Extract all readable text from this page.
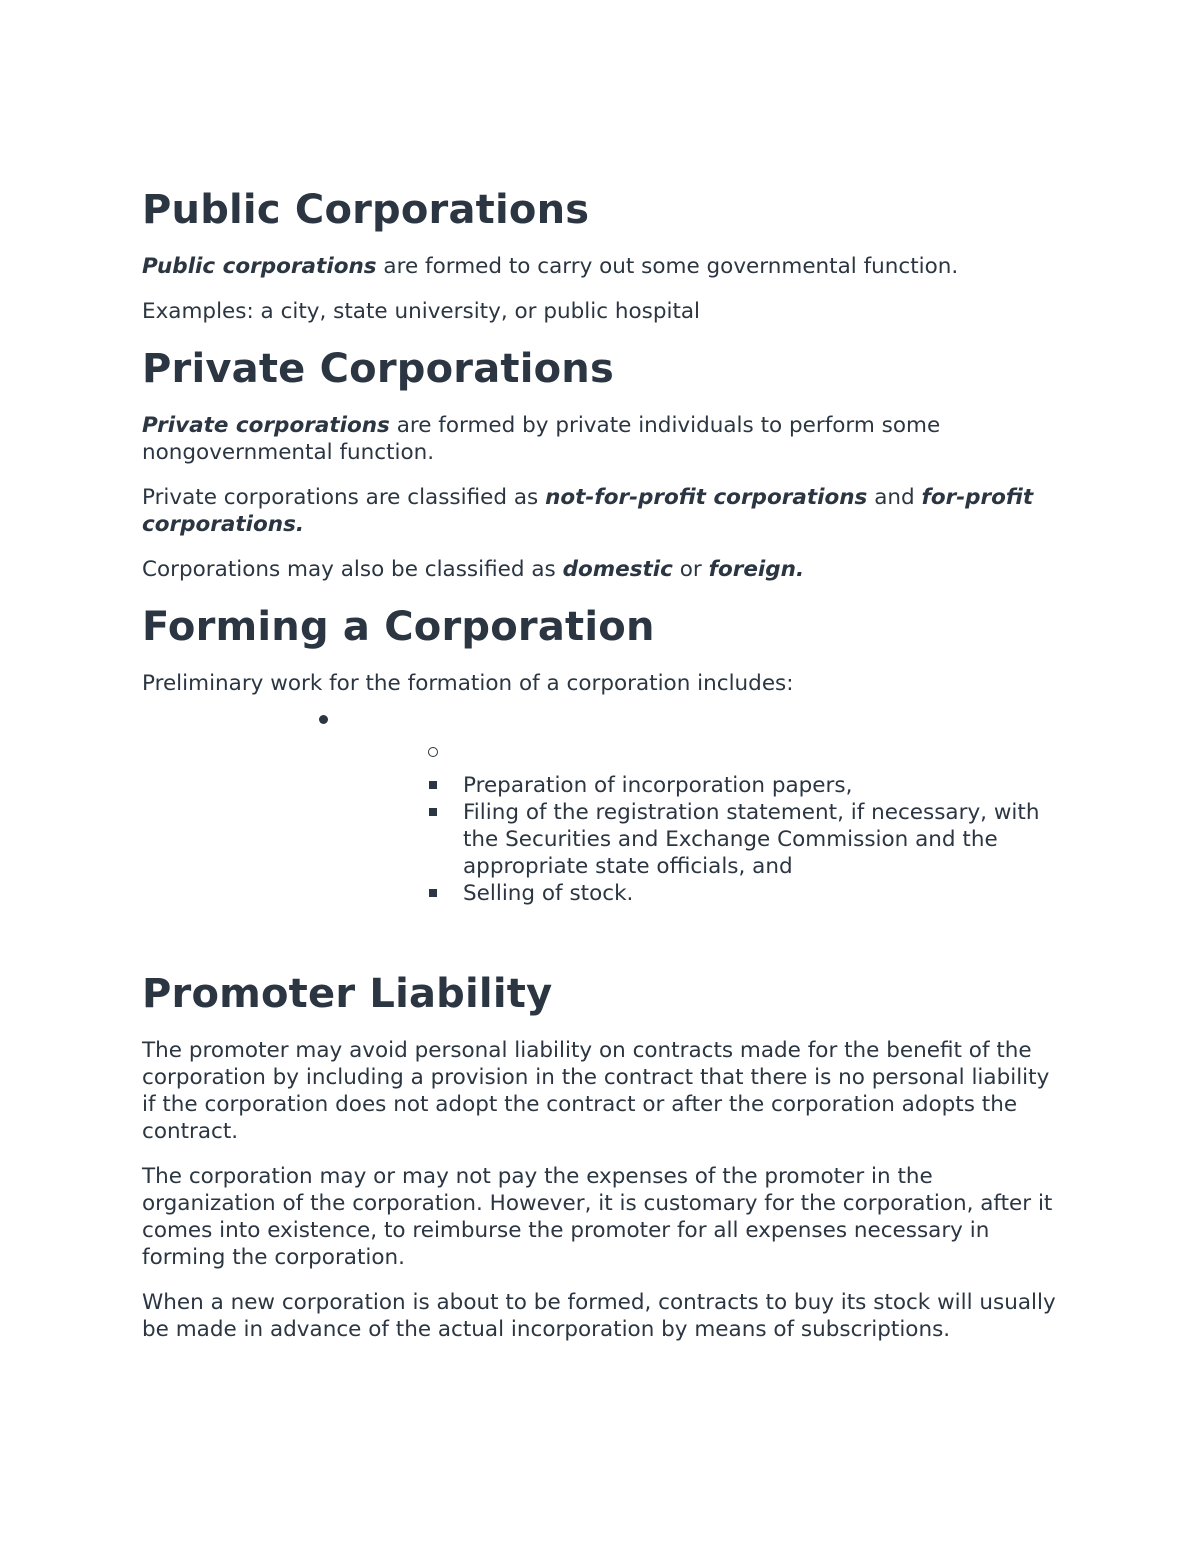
Public Corporations

Public corporations are formed to carry out some governmental function.

Examples: a city, state university, or public hospital

Private Corporations

Private corporations are formed by private individuals to perform some nongovernmental function.

Private corporations are classified as not-for-profit corporations and for-profit corporations.

Corporations may also be classified as domestic or foreign.

Forming a Corporation

Preliminary work for the formation of a corporation includes:

Preparation of incorporation papers,
Filing of the registration statement, if necessary, with the Securities and Exchange Commission and the appropriate state officials, and
Selling of stock.
Promoter Liability

The promoter may avoid personal liability on contracts made for the benefit of the corporation by including a provision in the contract that there is no personal liability if the corporation does not adopt the contract or after the corporation adopts the contract.

The corporation may or may not pay the expenses of the promoter in the organization of the corporation. However, it is customary for the corporation, after it comes into existence, to reimburse the promoter for all expenses necessary in forming the corporation.

When a new corporation is about to be formed, contracts to buy its stock will usually be made in advance of the actual incorporation by means of subscriptions.
